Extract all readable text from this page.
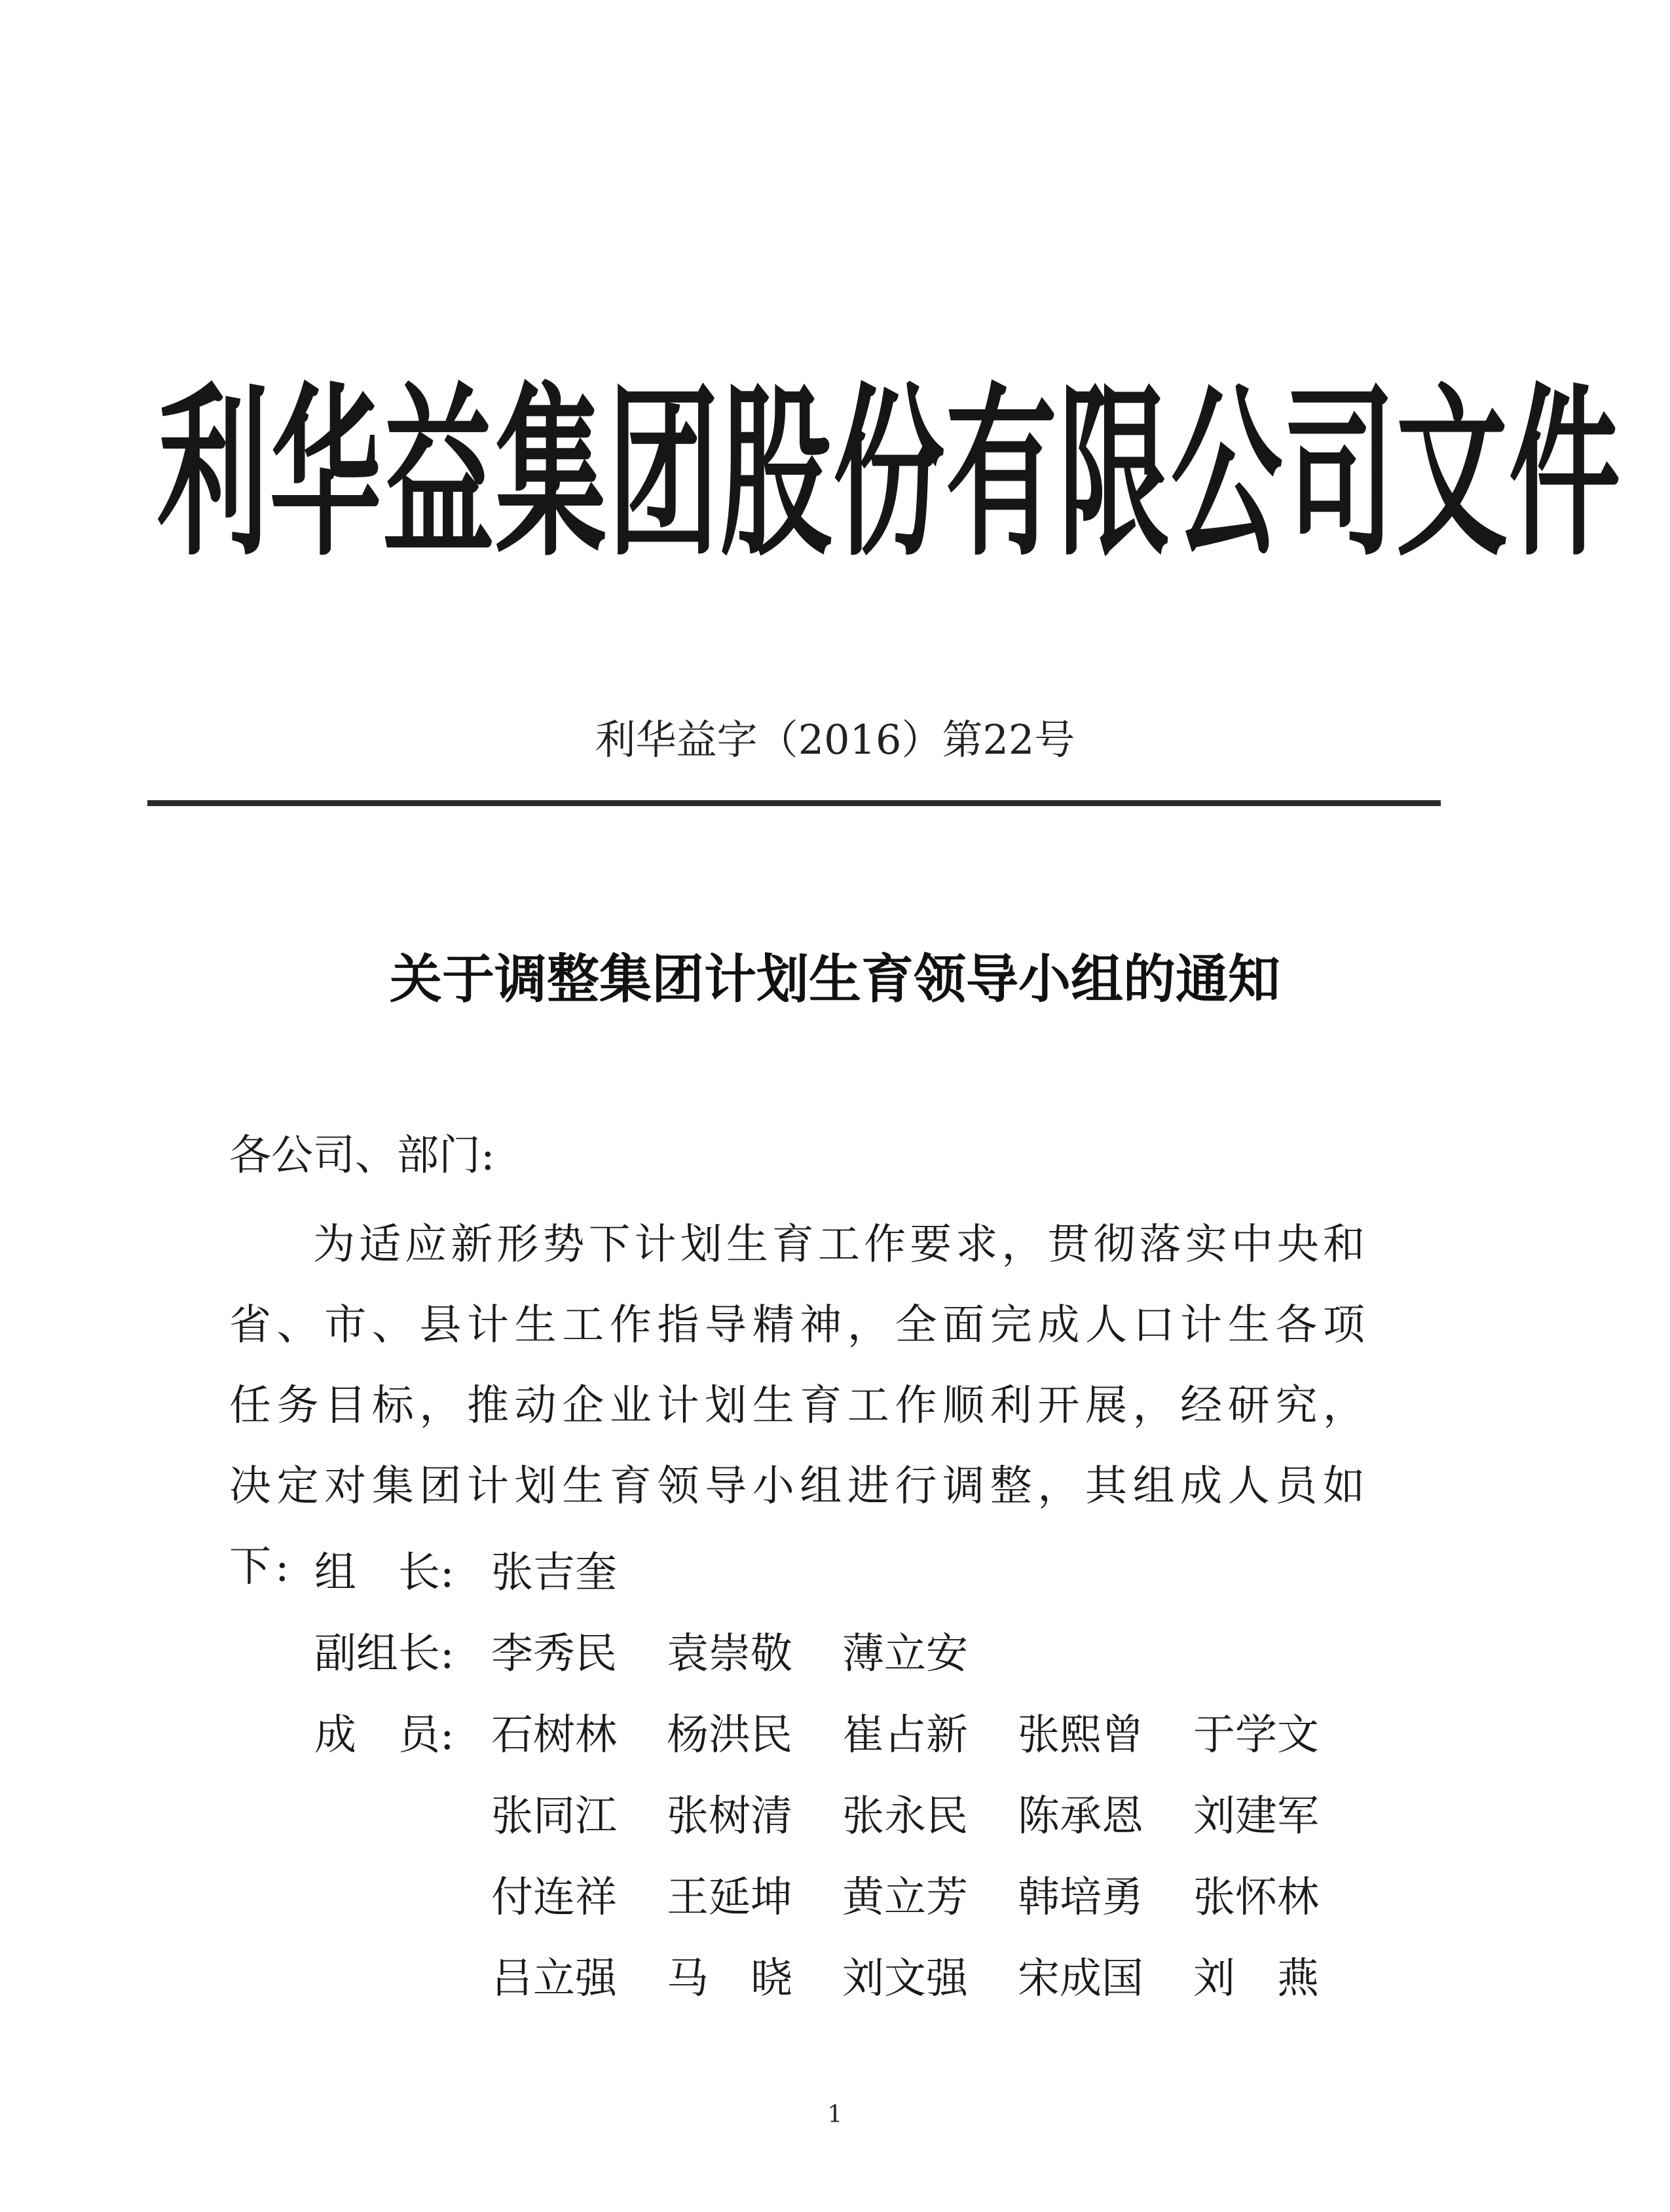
利华益集团股份有限公司文件
利华益字（2016）第22号
关于调整集团计划生育领导小组的通知
各公司、部门:
为适应新形势下计划生育工作要求，贯彻落实中央和省、市、县计生工作指导精神，全面完成人口计生各项任务目标，推动企业计划生育工作顺利开展，经研究，决定对集团计划生育领导小组进行调整，其组成人员如下: 组　长: 张吉奎
副组长: 李秀民	袁崇敬	薄立安
成　员: 石树林	杨洪民	崔占新	张熙曾	于学文
张同江	张树清	张永民	陈承恩	刘建军
付连祥	王延坤	黄立芳	韩培勇	张怀林
吕立强	马　晓	刘文强	宋成国	刘　燕
1
